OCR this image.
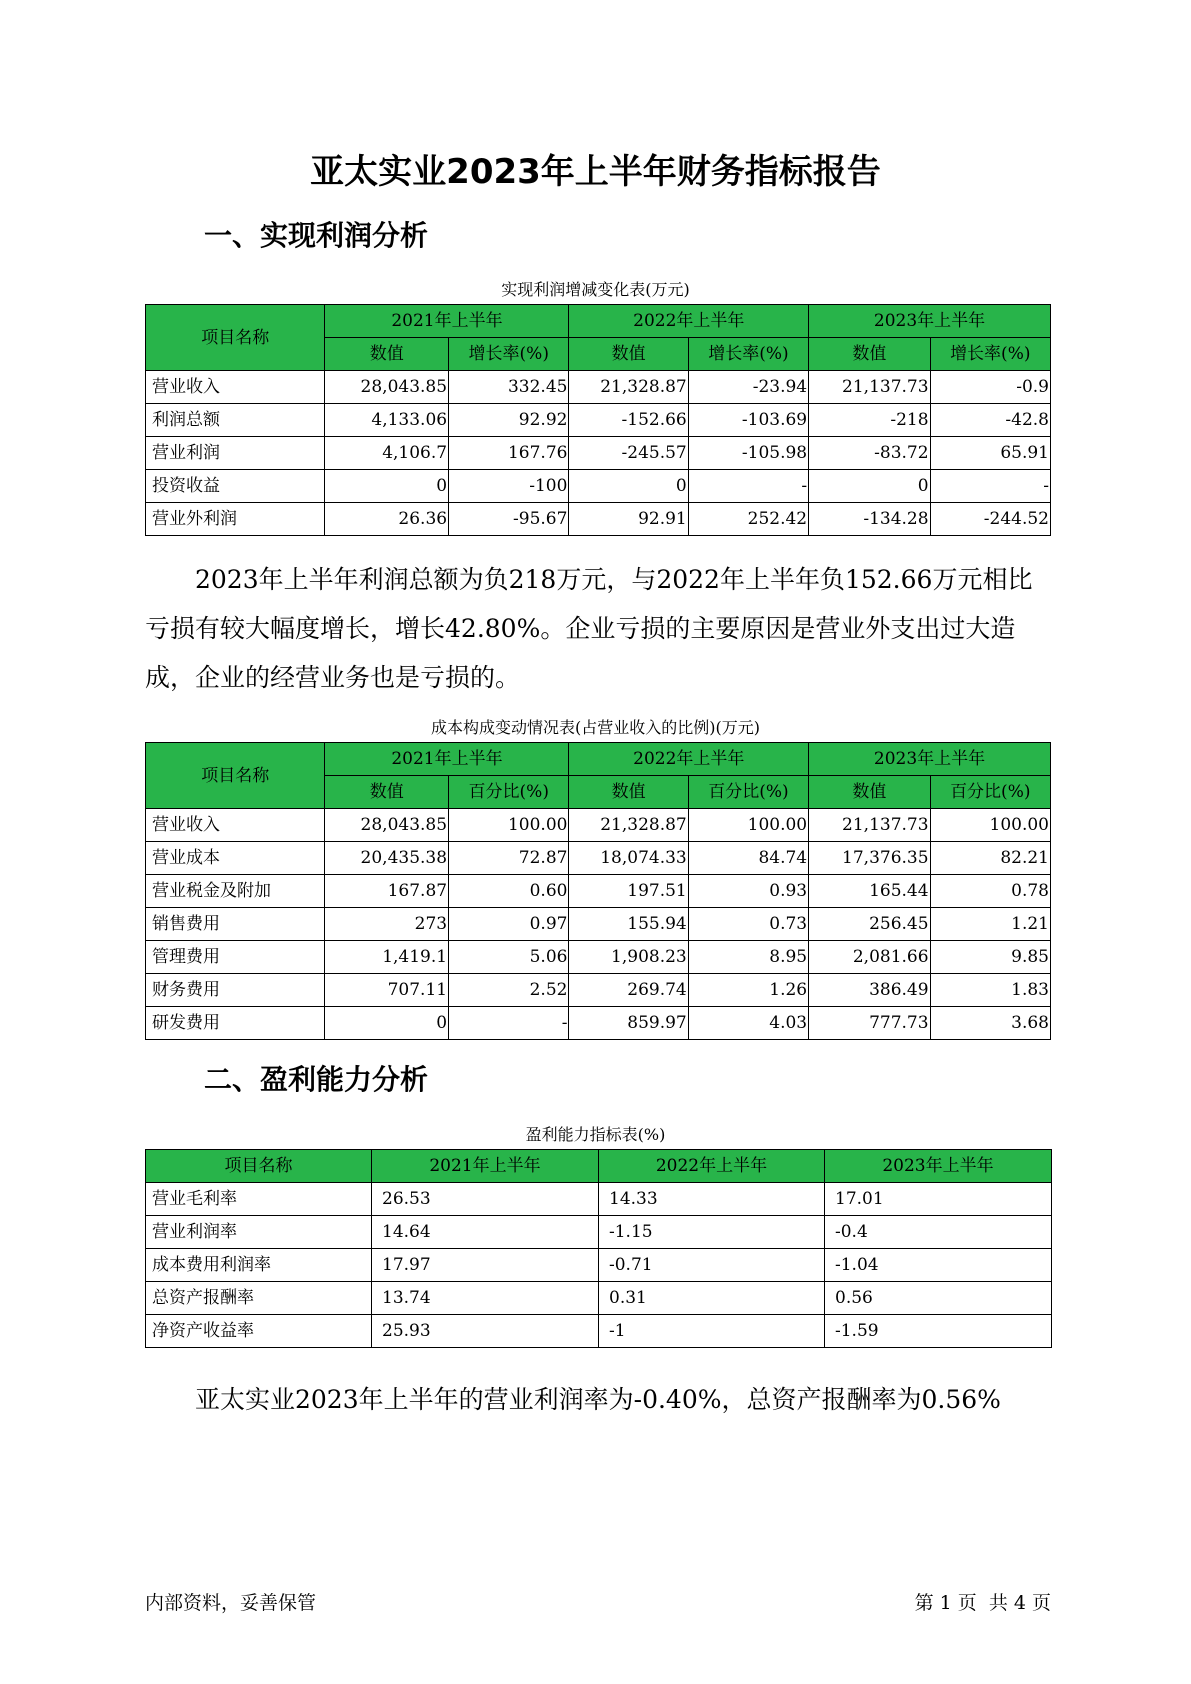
亚太实业2023年上半年财务指标报告
一、实现利润分析
实现利润增减变化表(万元)
项目名称	2021年上半年		2022年上半年		2023年上半年	
	数值	增长率(%)	数值	增长率(%)	数值	增长率(%)
营业收入	28,043.85	332.45	21,328.87	-23.94	21,137.73	-0.9
利润总额	4,133.06	92.92	-152.66	-103.69	-218	-42.8
营业利润	4,106.7	167.76	-245.57	-105.98	-83.72	65.91
投资收益	0	-100	0	-	0	-
营业外利润	26.36	-95.67	92.91	252.42	-134.28	-244.52

2023年上半年利润总额为负218万元，与2022年上半年负152.66万元相比亏损有较大幅度增长，增长42.80%。企业亏损的主要原因是营业外支出过大造成，企业的经营业务也是亏损的。

成本构成变动情况表(占营业收入的比例)(万元)
项目名称	2021年上半年		2022年上半年		2023年上半年	
	数值	百分比(%)	数值	百分比(%)	数值	百分比(%)
营业收入	28,043.85	100.00	21,328.87	100.00	21,137.73	100.00
营业成本	20,435.38	72.87	18,074.33	84.74	17,376.35	82.21
营业税金及附加	167.87	0.60	197.51	0.93	165.44	0.78
销售费用	273	0.97	155.94	0.73	256.45	1.21
管理费用	1,419.1	5.06	1,908.23	8.95	2,081.66	9.85
财务费用	707.11	2.52	269.74	1.26	386.49	1.83
研发费用	0	-	859.97	4.03	777.73	3.68
二、盈利能力分析
盈利能力指标表(%)
项目名称	2021年上半年	2022年上半年	2023年上半年
营业毛利率	26.53	14.33	17.01
营业利润率	14.64	-1.15	-0.4
成本费用利润率	17.97	-0.71	-1.04
总资产报酬率	13.74	0.31	0.56
净资产收益率	25.93	-1	-1.59

亚太实业2023年上半年的营业利润率为-0.40%，总资产报酬率为0.56%

内部资料，妥善保管	第 1 页  共 4 页
